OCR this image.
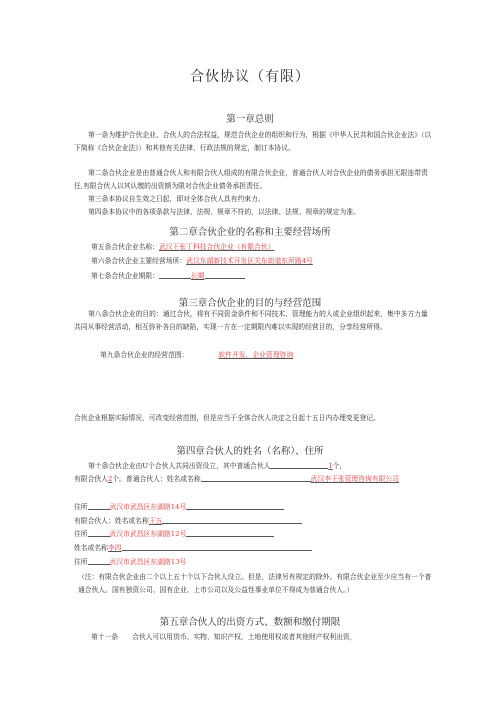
合伙协议（有限）
第一章总则
第一条为维护合伙企业、合伙人的合法权益，规范合伙企业的组织和行为，根据《中华人民共和国合伙企业法》（以下简称《合伙企业法》）和其他有关法律、行政法规的规定，制订本协议。
第二条合伙企业是由普通合伙人和有限合伙人组成的有限合伙企业，普通合伙人对合伙企业的债务承担无限连带责任,有限合伙人以其认缴的出资额为限对合伙企业债务承担责任。
第三条本协议自生效之日起，即对全体合伙人具有约束力。
第四条本协议中的各项条款与法律、法规、规章不符的，以法律、法规、规章的规定为准。
第二章合伙企业的名称和主要经营场所
第五条合伙企业名称：武汉王张丁科技合伙企业（有限合伙）
第六条合伙企业主要经营场所：武汉东湖新技术开发区关东街道东所路4号
第七条合伙企业期限：	长期
第三章合伙企业的目的与经营范围
第八条合伙企业的目的：通过合伙，将有不同资金条件和不同技术、管理能力的人或企业组织起来，集中多方力量共同从事经营活动，相互弥补各自的缺陷，实现一方在一定期限内难以实现的经营目的，分享经营所得。
第九条合伙企业的经营范围：	软件开发、企业管理咨询
合伙企业根据实际情况，可改变经营范围，但是应当于全体合伙人决定之日起十五日内办理变更登记。
第四章合伙人的姓名（名称）、住所
第十条合伙企业由U个合伙人共同出资设立，其中普通合伙人	1个,
有限合伙人2个。普通合伙人：姓名或名称	武汉李王张管理咨询有限公司
住所	武汉市武昌区东湖路14号
有限合伙人：姓名或名称王五
住所	武汉市武昌区东湖路12号
姓名或名称李四
住所	武汉市武昌区东湖路13号
（注：有限合伙企业由二个以上五十个以下合伙人设立。但是，法律另有规定的除外。有限合伙企业至少应当有一个普通合伙人。国有独资公司、国有企业、上市公司以及公益性事业单位不得成为普通合伙人。）
第五章合伙人的出资方式、数额和缴付期限
第十一条 合伙人可以用货币、实物、知识产权、土地使用权或者其他财产权利出资，
